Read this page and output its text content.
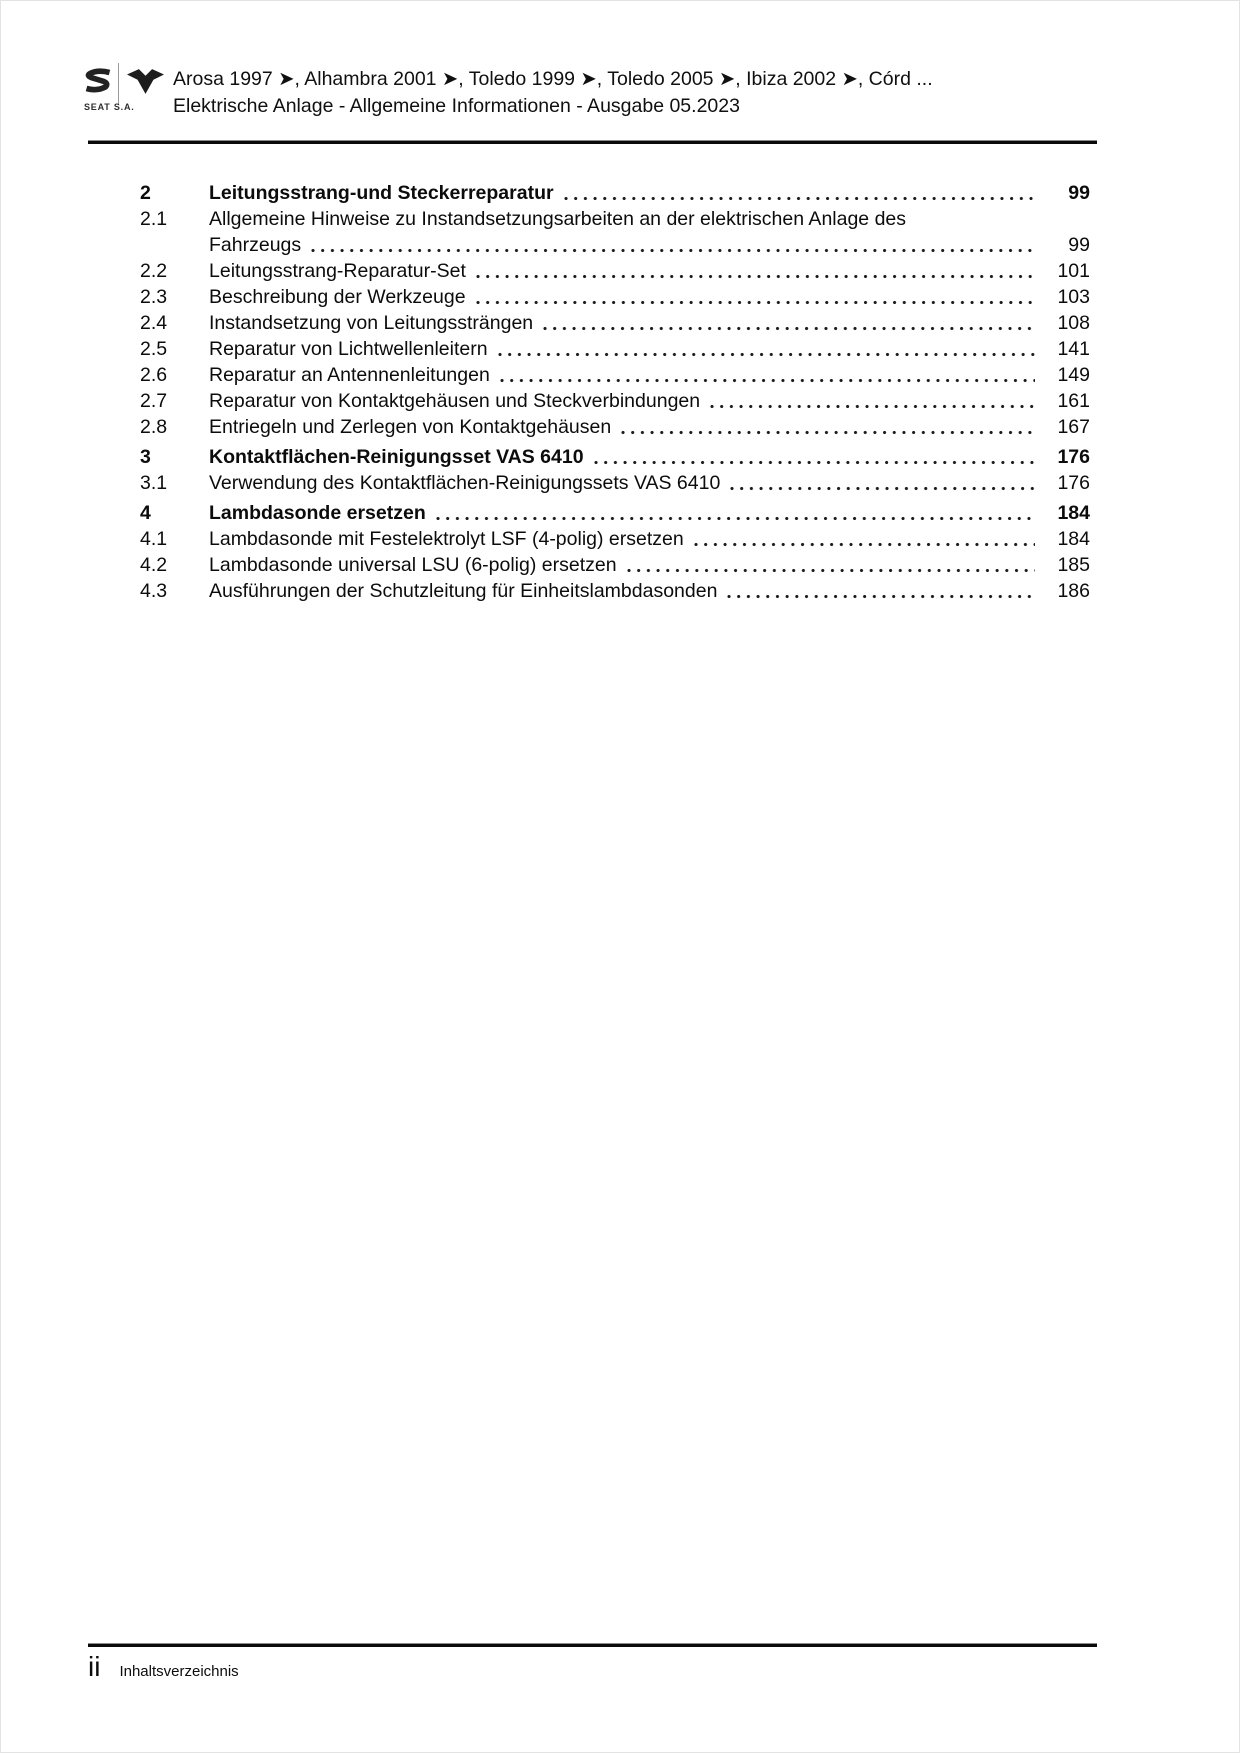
SEAT S.A.
Arosa 1997 ➤, Alhambra 2001 ➤, Toledo 1999 ➤, Toledo 2005 ➤, Ibiza 2002 ➤, Córd ...
Elektrische Anlage - Allgemeine Informationen - Ausgabe 05.2023
2	Leitungsstrang-und Steckerreparatur	99
2.1	Allgemeine Hinweise zu Instandsetzungsarbeiten an der elektrischen Anlage des
Fahrzeugs	99
2.2	Leitungsstrang-Reparatur-Set	101
2.3	Beschreibung der Werkzeuge	103
2.4	Instandsetzung von Leitungssträngen	108
2.5	Reparatur von Lichtwellenleitern	141
2.6	Reparatur an Antennenleitungen	149
2.7	Reparatur von Kontaktgehäusen und Steckverbindungen	161
2.8	Entriegeln und Zerlegen von Kontaktgehäusen	167
3	Kontaktflächen-Reinigungsset VAS 6410	176
3.1	Verwendung des Kontaktflächen-Reinigungssets VAS 6410	176
4	Lambdasonde ersetzen	184
4.1	Lambdasonde mit Festelektrolyt LSF (4-polig) ersetzen	184
4.2	Lambdasonde universal LSU (6-polig) ersetzen	185
4.3	Ausführungen der Schutzleitung für Einheitslambdasonden	186
ii Inhaltsverzeichnis
